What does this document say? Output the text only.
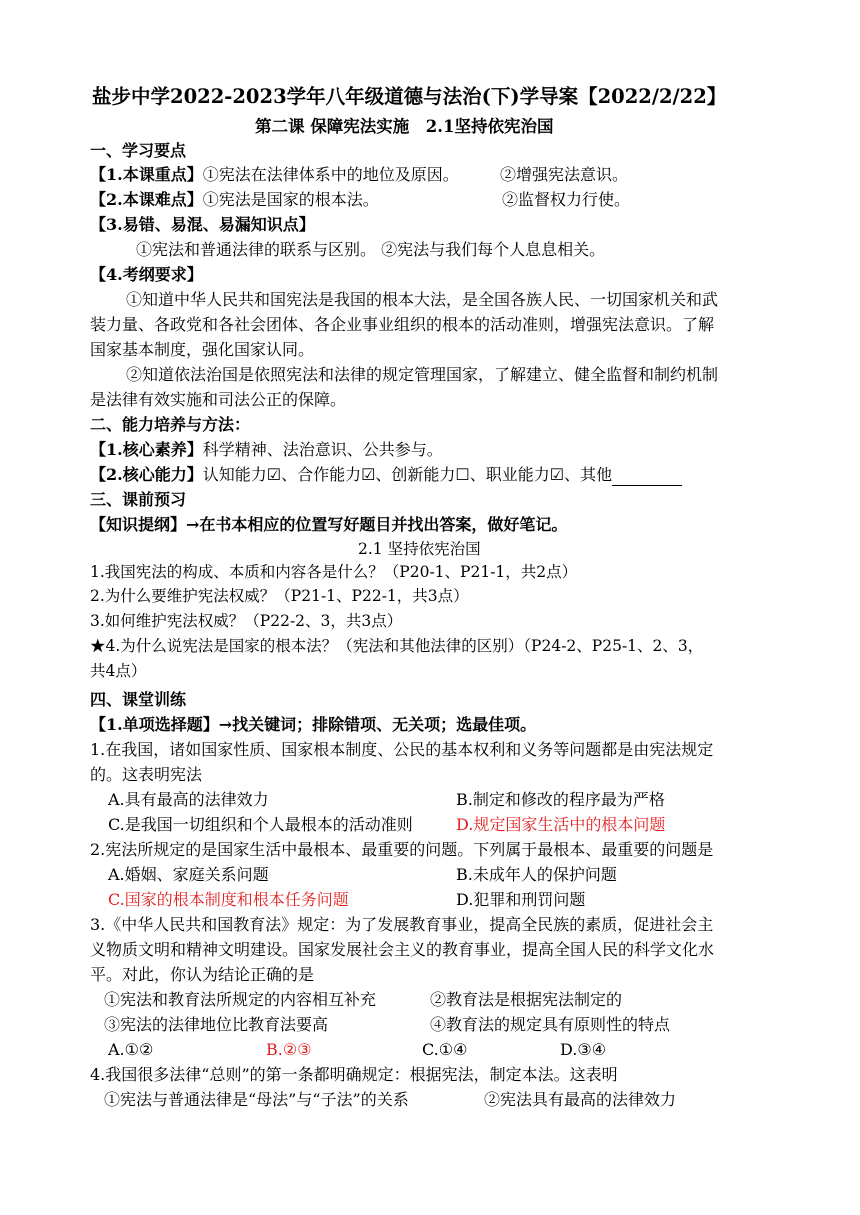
盐步中学2022-2023学年八年级道德与法治(下)学导案【2022/2/22】
第二课 保障宪法实施　2.1坚持依宪治国
一、学习要点
【1.本课重点】①宪法在法律体系中的地位及原因。	②增强宪法意识。
【2.本课难点】①宪法是国家的根本法。	②监督权力行使。
【3.易错、易混、易漏知识点】
①宪法和普通法律的联系与区别。 ②宪法与我们每个人息息相关。
【4.考纲要求】
①知道中华人民共和国宪法是我国的根本大法，是全国各族人民、一切国家机关和武
装力量、各政党和各社会团体、各企业事业组织的根本的活动准则，增强宪法意识。了解
国家基本制度，强化国家认同。
②知道依法治国是依照宪法和法律的规定管理国家，了解建立、健全监督和制约机制
是法律有效实施和司法公正的保障。
二、能力培养与方法：
【1.核心素养】科学精神、法治意识、公共参与。
【2.核心能力】认知能力☑、合作能力☑、创新能力☐、职业能力☑、其他
三、课前预习
【知识提纲】→在书本相应的位置写好题目并找出答案，做好笔记。
2.1 坚持依宪治国
1.我国宪法的构成、本质和内容各是什么？（P20-1、P21-1，共2点）
2.为什么要维护宪法权威？（P21-1、P22-1，共3点）
3.如何维护宪法权威？（P22-2、3，共3点）
★4.为什么说宪法是国家的根本法？（宪法和其他法律的区别）（P24-2、P25-1、2、3，
共4点）
四、课堂训练
【1.单项选择题】→找关键词；排除错项、无关项；选最佳项。
1.在我国，诸如国家性质、国家根本制度、公民的基本权利和义务等问题都是由宪法规定
的。这表明宪法
A.具有最高的法律效力	B.制定和修改的程序最为严格
C.是我国一切组织和个人最根本的活动准则	D.规定国家生活中的根本问题
2.宪法所规定的是国家生活中最根本、最重要的问题。下列属于最根本、最重要的问题是
A.婚姻、家庭关系问题	B.未成年人的保护问题
C.国家的根本制度和根本任务问题	D.犯罪和刑罚问题
3.《中华人民共和国教育法》规定：为了发展教育事业，提高全民族的素质，促进社会主
义物质文明和精神文明建设。国家发展社会主义的教育事业，提高全国人民的科学文化水
平。对此，你认为结论正确的是
①宪法和教育法所规定的内容相互补充	②教育法是根据宪法制定的
③宪法的法律地位比教育法要高	④教育法的规定具有原则性的特点
A.①②	B.②③	C.①④	D.③④
4.我国很多法律“总则”的第一条都明确规定：根据宪法，制定本法。这表明
①宪法与普通法律是“母法”与“子法”的关系	②宪法具有最高的法律效力
